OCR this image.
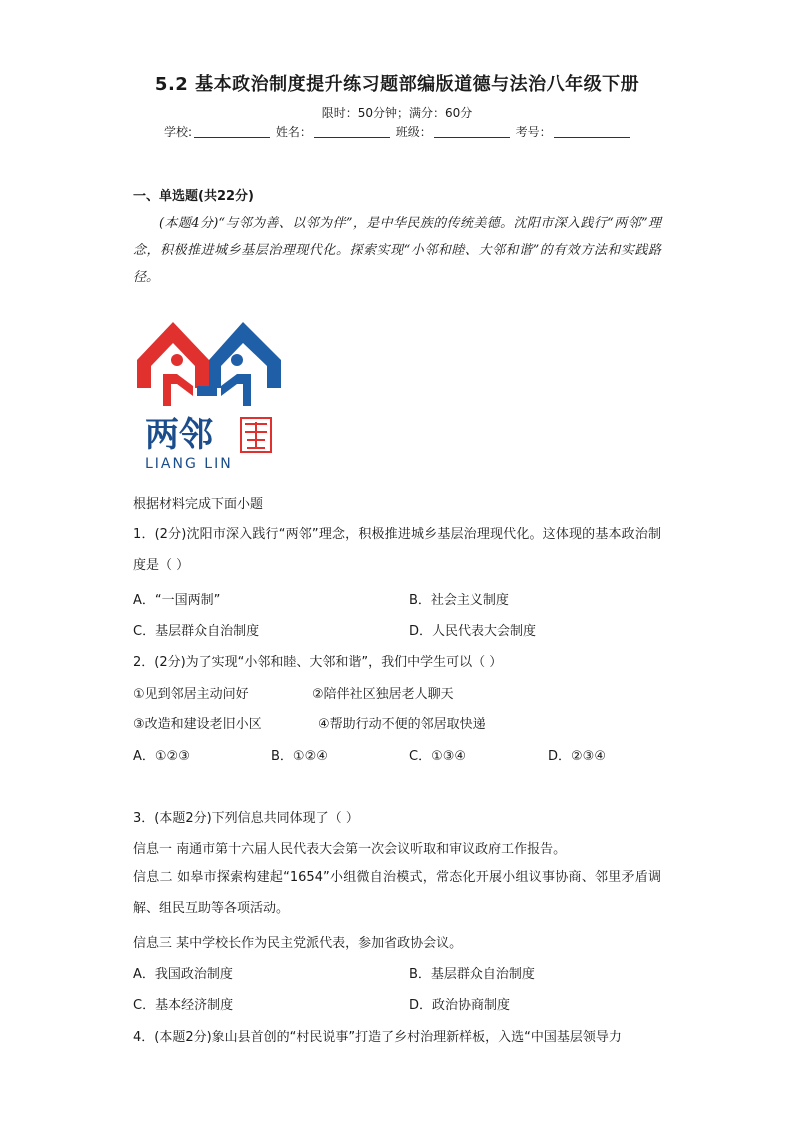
5.2 基本政治制度提升练习题部编版道德与法治八年级下册
限时：50分钟；满分：60分
学校:	姓名：	班级：	考号：
一、单选题(共22分)
(本题4分)“与邻为善、以邻为伴”，是中华民族的传统美德。沈阳市深入践行“两邻”理念，积极推进城乡基层治理现代化。探索实现“小邻和睦、大邻和谐”的有效方法和实践路径。
两邻
LIANG LIN
根据材料完成下面小题
1．(2分)沈阳市深入践行“两邻”理念，积极推进城乡基层治理现代化。这体现的基本政治制度是（ ）
A．“一国两制”	B．社会主义制度
C．基层群众自治制度	D．人民代表大会制度
2．(2分)为了实现“小邻和睦、大邻和谐”，我们中学生可以（ ）
①见到邻居主动问好	②陪伴社区独居老人聊天
③改造和建设老旧小区	④帮助行动不便的邻居取快递
A．①②③	B．①②④	C．①③④	D．②③④
3．(本题2分)下列信息共同体现了（ ）
信息一 南通市第十六届人民代表大会第一次会议听取和审议政府工作报告。
信息二 如皋市探索构建起“1654”小组微自治模式，常态化开展小组议事协商、邻里矛盾调解、组民互助等各项活动。
信息三 某中学校长作为民主党派代表，参加省政协会议。
A．我国政治制度	B．基层群众自治制度
C．基本经济制度	D．政治协商制度
4．(本题2分)象山县首创的“村民说事”打造了乡村治理新样板，入选“中国基层领导力
